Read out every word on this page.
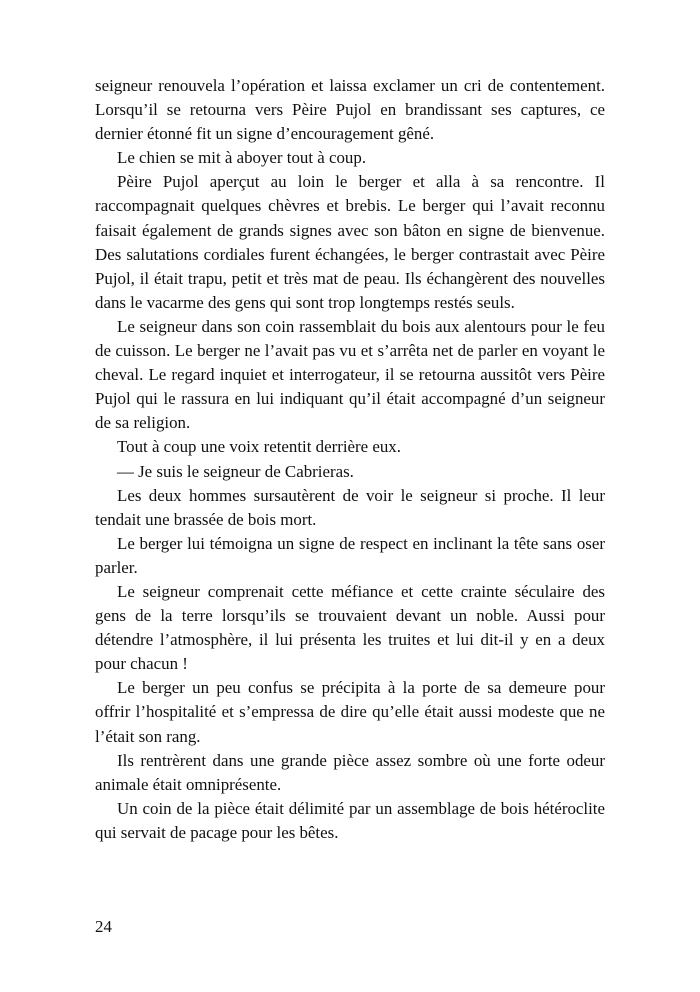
seigneur renouvela l’opération et laissa exclamer un cri de contentement. Lorsqu’il se retourna vers Pèire Pujol en brandissant ses captures, ce dernier étonné fit un signe d’encouragement gêné.

Le chien se mit à aboyer tout à coup.

Pèire Pujol aperçut au loin le berger et alla à sa rencontre. Il raccompagnait quelques chèvres et brebis. Le berger qui l’avait reconnu faisait également de grands signes avec son bâton en signe de bienvenue. Des salutations cordiales furent échangées, le berger contrastait avec Pèire Pujol, il était trapu, petit et très mat de peau. Ils échangèrent des nouvelles dans le vacarme des gens qui sont trop longtemps restés seuls.

Le seigneur dans son coin rassemblait du bois aux alentours pour le feu de cuisson. Le berger ne l’avait pas vu et s’arrêta net de parler en voyant le cheval. Le regard inquiet et interrogateur, il se retourna aussitôt vers Pèire Pujol qui le rassura en lui indiquant qu’il était accompagné d’un seigneur de sa religion.

Tout à coup une voix retentit derrière eux.

— Je suis le seigneur de Cabrieras.

Les deux hommes sursautèrent de voir le seigneur si proche. Il leur tendait une brassée de bois mort.

Le berger lui témoigna un signe de respect en inclinant la tête sans oser parler.

Le seigneur comprenait cette méfiance et cette crainte séculaire des gens de la terre lorsqu’ils se trouvaient devant un noble. Aussi pour détendre l’atmosphère, il lui présenta les truites et lui dit-il y en a deux pour chacun !

Le berger un peu confus se précipita à la porte de sa demeure pour offrir l’hospitalité et s’empressa de dire qu’elle était aussi modeste que ne l’était son rang.

Ils rentrèrent dans une grande pièce assez sombre où une forte odeur animale était omniprésente.

Un coin de la pièce était délimité par un assemblage de bois hétéroclite qui servait de pacage pour les bêtes.

24
